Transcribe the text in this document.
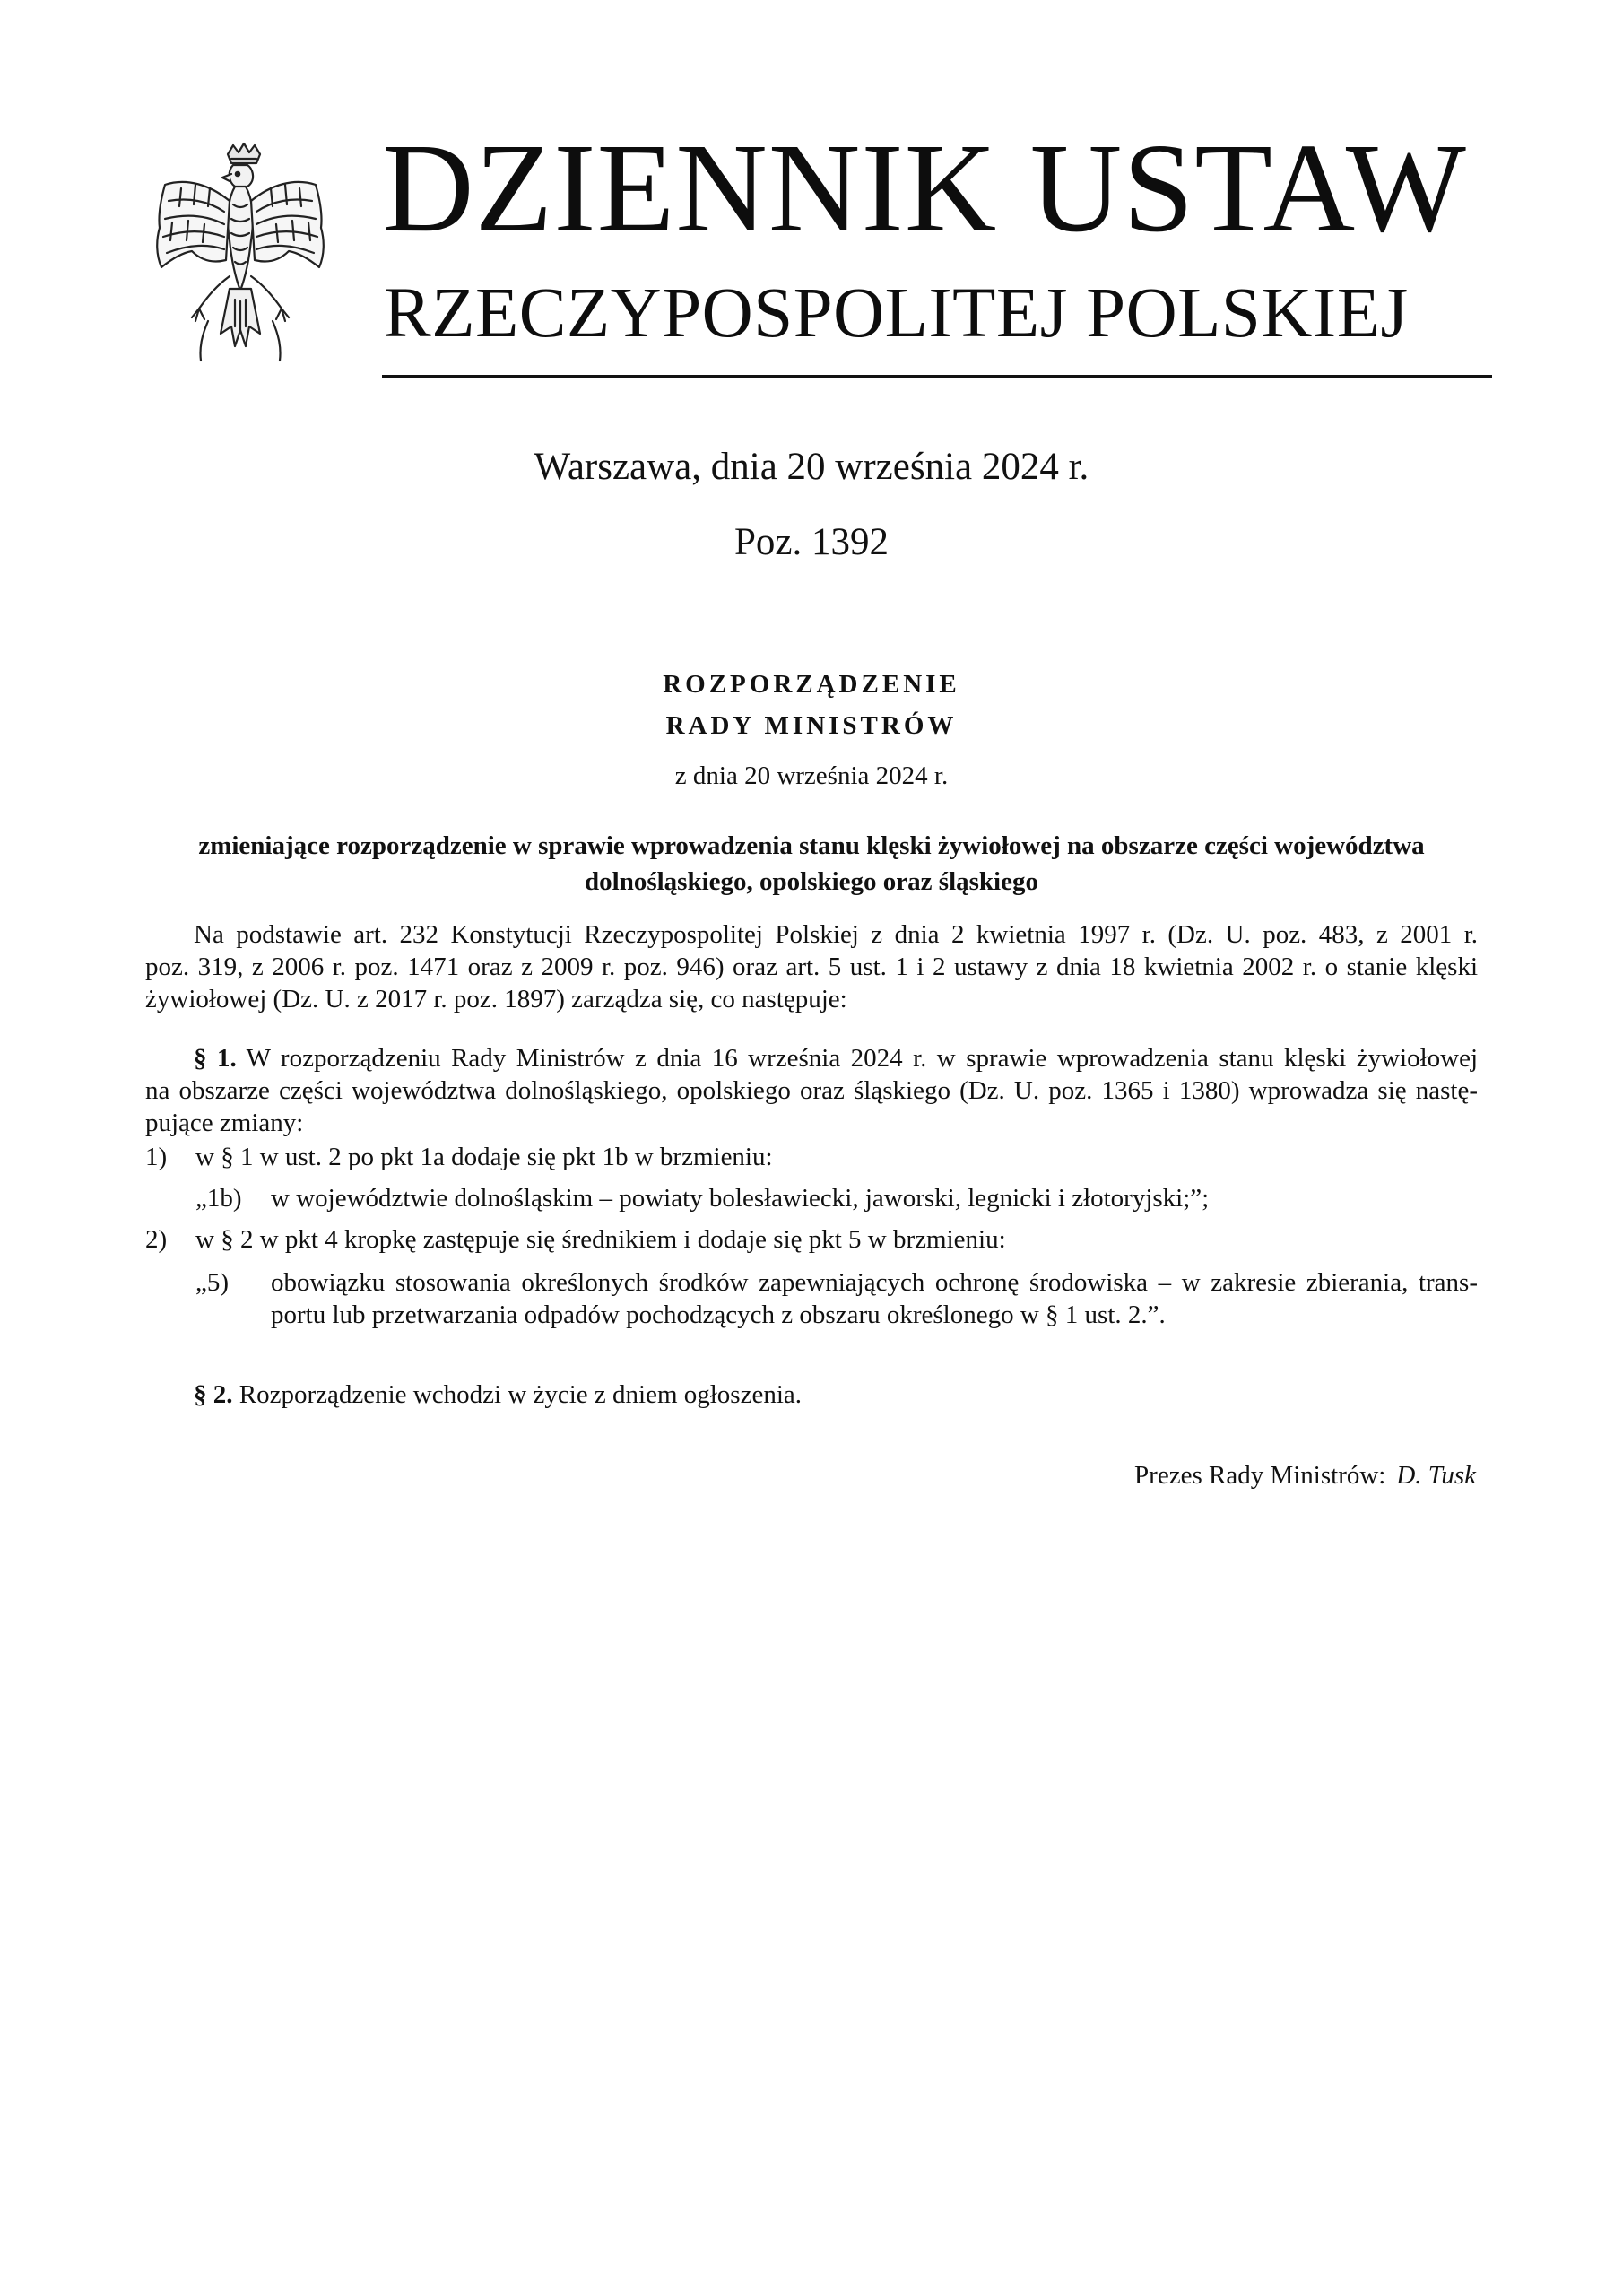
DZIENNIK USTAW
RZECZYPOSPOLITEJ POLSKIEJ
Warszawa, dnia 20 września 2024 r.
Poz. 1392
ROZPORZĄDZENIE
RADY MINISTRÓW
z dnia 20 września 2024 r.
zmieniające rozporządzenie w sprawie wprowadzenia stanu klęski żywiołowej na obszarze części województwa
dolnośląskiego, opolskiego oraz śląskiego
Na podstawie art. 232 Konstytucji Rzeczypospolitej Polskiej z dnia 2 kwietnia 1997 r. (Dz. U. poz. 483, z 2001 r.
poz. 319, z 2006 r. poz. 1471 oraz z 2009 r. poz. 946) oraz art. 5 ust. 1 i 2 ustawy z dnia 18 kwietnia 2002 r. o stanie klęski
żywiołowej (Dz. U. z 2017 r. poz. 1897) zarządza się, co następuje:
§ 1. W rozporządzeniu Rady Ministrów z dnia 16 września 2024 r. w sprawie wprowadzenia stanu klęski żywiołowej
na obszarze części województwa dolnośląskiego, opolskiego oraz śląskiego (Dz. U. poz. 1365 i 1380) wprowadza się nastę-
pujące zmiany:
1) w § 1 w ust. 2 po pkt 1a dodaje się pkt 1b w brzmieniu:
„1b) w województwie dolnośląskim – powiaty bolesławiecki, jaworski, legnicki i złotoryjski;”;
2) w § 2 w pkt 4 kropkę zastępuje się średnikiem i dodaje się pkt 5 w brzmieniu:
„5) obowiązku stosowania określonych środków zapewniających ochronę środowiska – w zakresie zbierania, trans-
portu lub przetwarzania odpadów pochodzących z obszaru określonego w § 1 ust. 2.”.
§ 2. Rozporządzenie wchodzi w życie z dniem ogłoszenia.
Prezes Rady Ministrów: D. Tusk
